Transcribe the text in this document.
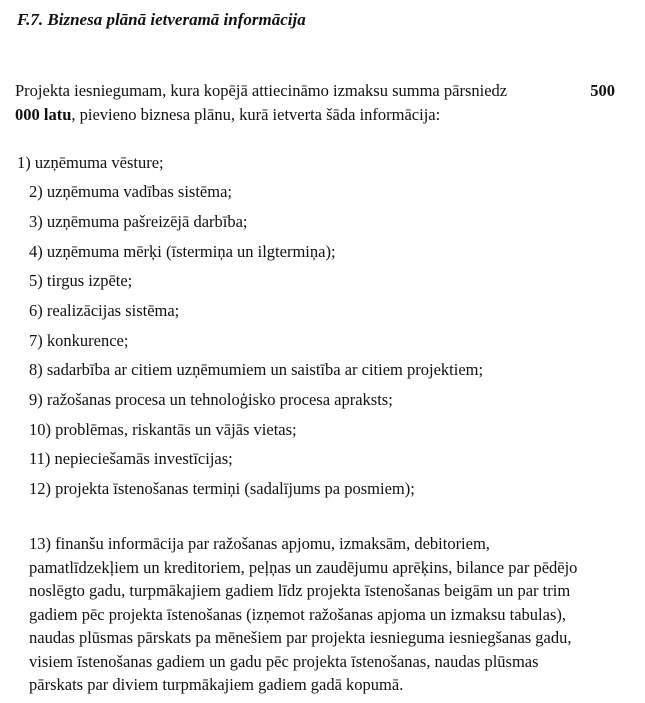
F.7. Biznesa plānā ietveramā informācija
Projekta iesniegumam, kura kopējā attiecināmo izmaksu summa pārsniedz	500
000 latu, pievieno biznesa plānu, kurā ietverta šāda informācija:
1) uzņēmuma vēsture;
2) uzņēmuma vadības sistēma;
3) uzņēmuma pašreizējā darbība;
4) uzņēmuma mērķi (īstermiņa un ilgtermiņa);
5) tirgus izpēte;
6) realizācijas sistēma;
7) konkurence;
8) sadarbība ar citiem uzņēmumiem un saistība ar citiem projektiem;
9) ražošanas procesa un tehnoloģisko procesa apraksts;
10) problēmas, riskantās un vājās vietas;
11) nepieciešamās investīcijas;
12) projekta īstenošanas termiņi (sadalījums pa posmiem);
13) finanšu informācija par ražošanas apjomu, izmaksām, debitoriem,
pamatlīdzekļiem un kreditoriem, peļņas un zaudējumu aprēķins, bilance par pēdējo
noslēgto gadu, turpmākajiem gadiem līdz projekta īstenošanas beigām un par trim
gadiem pēc projekta īstenošanas (izņemot ražošanas apjoma un izmaksu tabulas),
naudas plūsmas pārskats pa mēnešiem par projekta iesnieguma iesniegšanas gadu,
visiem īstenošanas gadiem un gadu pēc projekta īstenošanas, naudas plūsmas
pārskats par diviem turpmākajiem gadiem gadā kopumā.
